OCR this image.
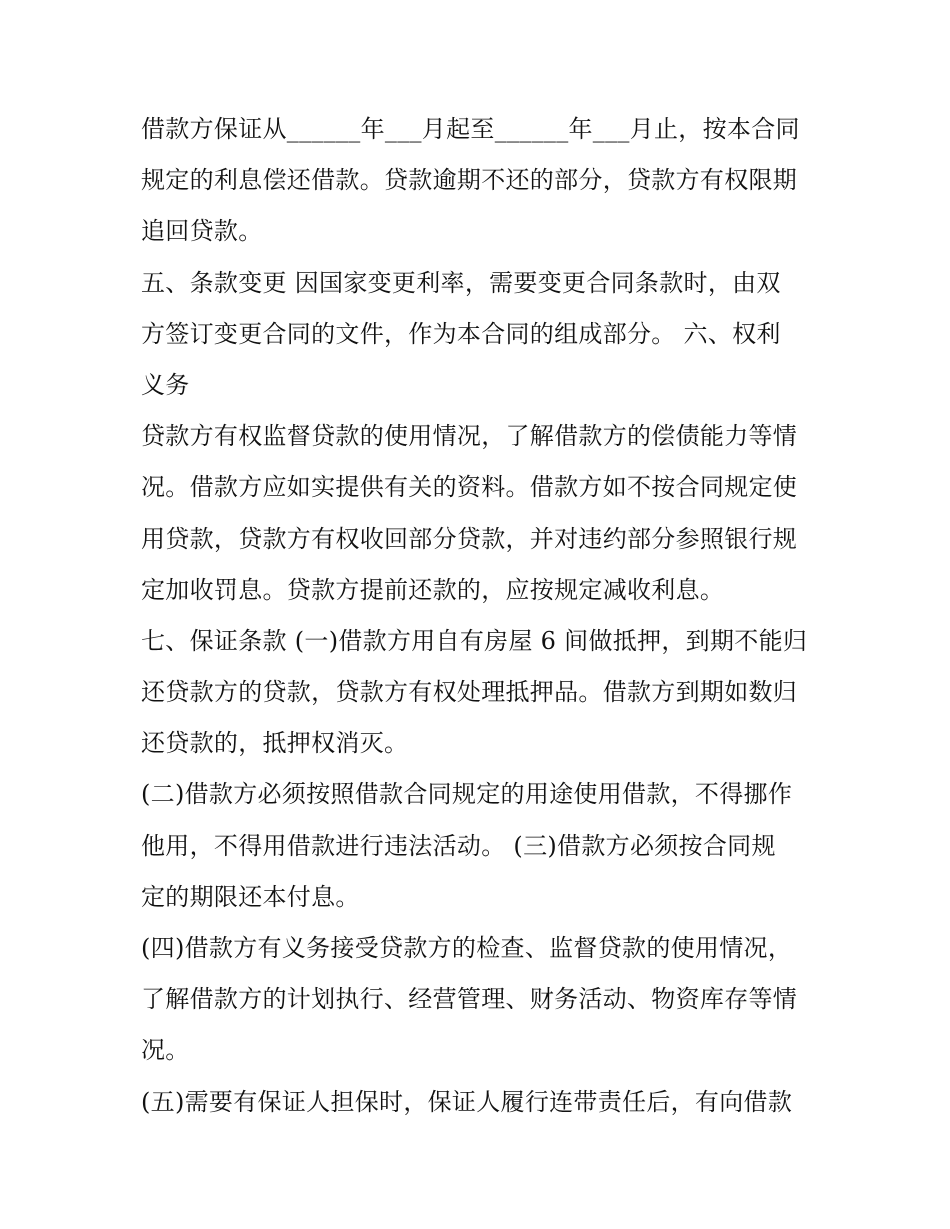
借款方保证从______年___月起至______年___月止，按本合同
规定的利息偿还借款。贷款逾期不还的部分，贷款方有权限期
追回贷款。
五、条款变更 因国家变更利率，需要变更合同条款时，由双
方签订变更合同的文件，作为本合同的组成部分。 六、权利
义务
贷款方有权监督贷款的使用情况，了解借款方的偿债能力等情
况。借款方应如实提供有关的资料。借款方如不按合同规定使
用贷款，贷款方有权收回部分贷款，并对违约部分参照银行规
定加收罚息。贷款方提前还款的，应按规定减收利息。
七、保证条款 (一)借款方用自有房屋 6 间做抵押，到期不能归
还贷款方的贷款，贷款方有权处理抵押品。借款方到期如数归
还贷款的，抵押权消灭。
(二)借款方必须按照借款合同规定的用途使用借款，不得挪作
他用，不得用借款进行违法活动。 (三)借款方必须按合同规
定的期限还本付息。
(四)借款方有义务接受贷款方的检查、监督贷款的使用情况，
了解借款方的计划执行、经营管理、财务活动、物资库存等情
况。
(五)需要有保证人担保时，保证人履行连带责任后，有向借款
